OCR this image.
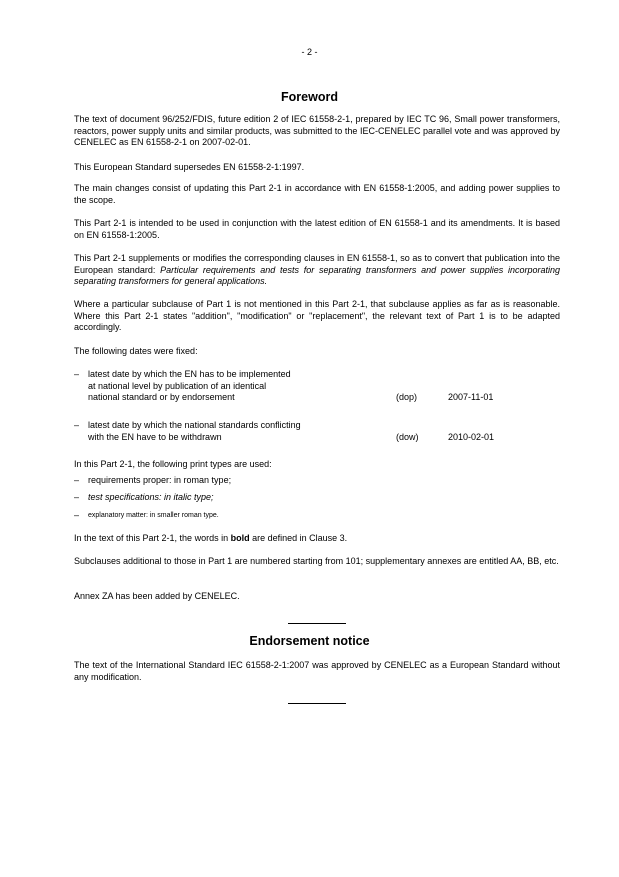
- 2 -
Foreword

The text of document 96/252/FDIS, future edition 2 of IEC 61558-2-1, prepared by IEC TC 96, Small power transformers, reactors, power supply units and similar products, was submitted to the IEC-CENELEC parallel vote and was approved by CENELEC as EN 61558-2-1 on 2007-02-01.

This European Standard supersedes EN 61558-2-1:1997.

The main changes consist of updating this Part 2-1 in accordance with EN 61558-1:2005, and adding power supplies to the scope.

This Part 2-1 is intended to be used in conjunction with the latest edition of EN 61558-1 and its amendments. It is based on EN 61558-1:2005.

This Part 2-1 supplements or modifies the corresponding clauses in EN 61558-1, so as to convert that publication into the European standard: Particular requirements and tests for separating transformers and power supplies incorporating separating transformers for general applications.

Where a particular subclause of Part 1 is not mentioned in this Part 2-1, that subclause applies as far as is reasonable. Where this Part 2-1 states "addition", "modification" or "replacement", the relevant text of Part 1 is to be adapted accordingly.

The following dates were fixed:

– latest date by which the EN has to be implemented
at national level by publication of an identical
national standard or by endorsement	(dop)	2007-11-01
– latest date by which the national standards conflicting
with the EN have to be withdrawn	(dow)	2010-02-01

In this Part 2-1, the following print types are used:

– requirements proper: in roman type;
– test specifications: in italic type;
– explanatory matter: in smaller roman type.

In the text of this Part 2-1, the words in bold are defined in Clause 3.

Subclauses additional to those in Part 1 are numbered starting from 101; supplementary annexes are entitled AA, BB, etc.

Annex ZA has been added by CENELEC.

Endorsement notice

The text of the International Standard IEC 61558-2-1:2007 was approved by CENELEC as a European Standard without any modification.
